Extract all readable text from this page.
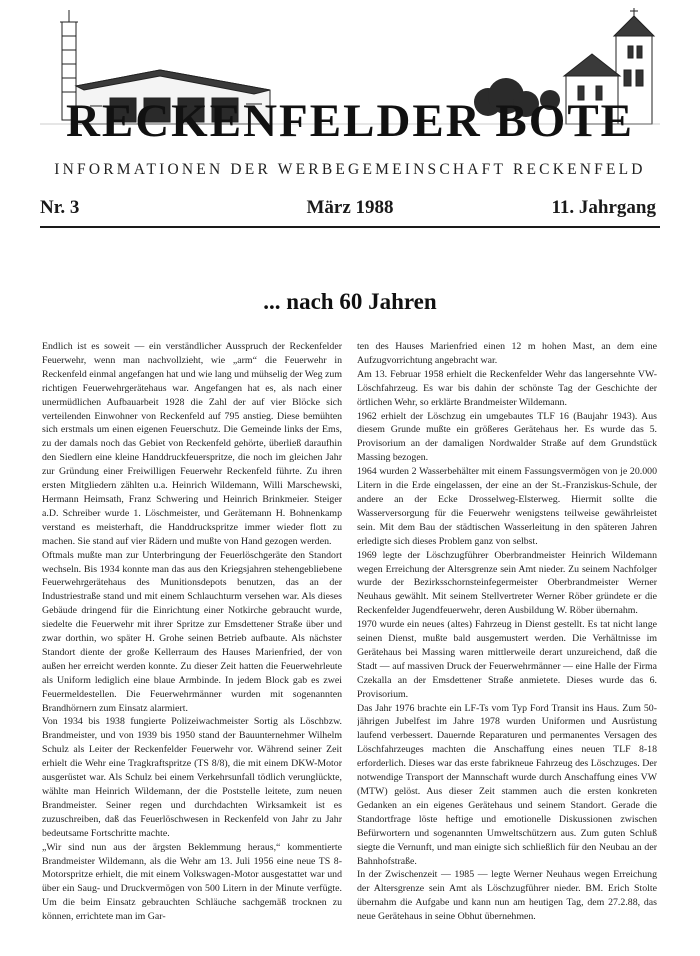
RECKENFELDER BOTE
INFORMATIONEN DER WERBEGEMEINSCHAFT RECKENFELD
März 1988
Nr. 3	11. Jahrgang
... nach 60 Jahren

Endlich ist es soweit — ein verständlicher Ausspruch der Reckenfelder Feuerwehr, wenn man nachvollzieht, wie „arm“ die Feuerwehr in Reckenfeld einmal angefangen hat und wie lang und mühselig der Weg zum richtigen Feuerwehrgerätehaus war. Angefangen hat es, als nach einer unermüdlichen Aufbauarbeit 1928 die Zahl der auf vier Blöcke sich verteilenden Einwohner von Reckenfeld auf 795 anstieg. Diese bemühten sich erstmals um einen eigenen Feuerschutz. Die Gemeinde links der Ems, zu der damals noch das Gebiet von Reckenfeld gehörte, überließ daraufhin den Siedlern eine kleine Handdruckfeuerspritze, die noch im gleichen Jahr zur Gründung einer Freiwilligen Feuerwehr Reckenfeld führte. Zu ihren ersten Mitgliedern zählten u.a. Heinrich Wildemann, Willi Marschewski, Hermann Heimsath, Franz Schwering und Heinrich Brinkmeier. Steiger a.D. Schreiber wurde 1. Löschmeister, und Gerätemann H. Bohnenkamp verstand es meisterhaft, die Handdruckspritze immer wieder flott zu machen. Sie stand auf vier Rädern und mußte von Hand gezogen werden.

Oftmals mußte man zur Unterbringung der Feuerlöschgeräte den Standort wechseln. Bis 1934 konnte man das aus den Kriegsjahren stehengebliebene Feuerwehrgerätehaus des Munitionsdepots benutzen, das an der Industriestraße stand und mit einem Schlauchturm versehen war. Als dieses Gebäude dringend für die Einrichtung einer Notkirche gebraucht wurde, siedelte die Feuerwehr mit ihrer Spritze zur Emsdettener Straße über und zwar dorthin, wo später H. Grohe seinen Betrieb aufbaute. Als nächster Standort diente der große Kellerraum des Hauses Marienfried, der von außen her erreicht werden konnte. Zu dieser Zeit hatten die Feuerwehrleute als Uniform lediglich eine blaue Armbinde. In jedem Block gab es zwei Feuermeldestellen. Die Feuerwehrmänner wurden mit sogenannten Brandhörnern zum Einsatz alarmiert.

Von 1934 bis 1938 fungierte Polizeiwachmeister Sortig als Löschbzw. Brandmeister, und von 1939 bis 1950 stand der Bauunternehmer Wilhelm Schulz als Leiter der Reckenfelder Feuerwehr vor. Während seiner Zeit erhielt die Wehr eine Tragkraftspritze (TS 8/8), die mit einem DKW-Motor ausgerüstet war. Als Schulz bei einem Verkehrsunfall tödlich verunglückte, wählte man Heinrich Wildemann, der die Poststelle leitete, zum neuen Brandmeister. Seiner regen und durchdachten Wirksamkeit ist es zuzuschreiben, daß das Feuerlöschwesen in Reckenfeld von Jahr zu Jahr bedeutsame Fortschritte machte.

„Wir sind nun aus der ärgsten Beklemmung heraus,“ kommentierte Brandmeister Wildemann, als die Wehr am 13. Juli 1956 eine neue TS 8-Motorspritze erhielt, die mit einem Volkswagen-Motor ausgestattet war und über ein Saug- und Druckvermögen von 500 Litern in der Minute verfügte. Um die beim Einsatz gebrauchten Schläuche sachgemäß trocknen zu können, errichtete man im Gar-

ten des Hauses Marienfried einen 12 m hohen Mast, an dem eine Aufzugvorrichtung angebracht war.

Am 13. Februar 1958 erhielt die Reckenfelder Wehr das langersehnte VW-Löschfahrzeug. Es war bis dahin der schönste Tag der Geschichte der örtlichen Wehr, so erklärte Brandmeister Wildemann.

1962 erhielt der Löschzug ein umgebautes TLF 16 (Baujahr 1943). Aus diesem Grunde mußte ein größeres Gerätehaus her. Es wurde das 5. Provisorium an der damaligen Nordwalder Straße auf dem Grundstück Massing bezogen.

1964 wurden 2 Wasserbehälter mit einem Fassungsvermögen von je 20.000 Litern in die Erde eingelassen, der eine an der St.-Franziskus-Schule, der andere an der Ecke Drosselweg-Elsterweg. Hiermit sollte die Wasserversorgung für die Feuerwehr wenigstens teilweise gewährleistet sein. Mit dem Bau der städtischen Wasserleitung in den späteren Jahren erledigte sich dieses Problem ganz von selbst.

1969 legte der Löschzugführer Oberbrandmeister Heinrich Wildemann wegen Erreichung der Altersgrenze sein Amt nieder. Zu seinem Nachfolger wurde der Bezirksschornsteinfegermeister Oberbrandmeister Werner Neuhaus gewählt. Mit seinem Stellvertreter Werner Röber gründete er die Reckenfelder Jugendfeuerwehr, deren Ausbildung W. Röber übernahm.

1970 wurde ein neues (altes) Fahrzeug in Dienst gestellt. Es tat nicht lange seinen Dienst, mußte bald ausgemustert werden. Die Verhältnisse im Gerätehaus bei Massing waren mittlerweile derart unzureichend, daß die Stadt — auf massiven Druck der Feuerwehrmänner — eine Halle der Firma Czekalla an der Emsdettener Straße anmietete. Dieses wurde das 6. Provisorium.

Das Jahr 1976 brachte ein LF-Ts vom Typ Ford Transit ins Haus. Zum 50-jährigen Jubelfest im Jahre 1978 wurden Uniformen und Ausrüstung laufend verbessert. Dauernde Reparaturen und permanentes Versagen des Löschfahrzeuges machten die Anschaffung eines neuen TLF 8-18 erforderlich. Dieses war das erste fabrikneue Fahrzeug des Löschzuges. Der notwendige Transport der Mannschaft wurde durch Anschaffung eines VW (MTW) gelöst. Aus dieser Zeit stammen auch die ersten konkreten Gedanken an ein eigenes Gerätehaus und seinem Standort. Gerade die Standortfrage löste heftige und emotionelle Diskussionen zwischen Befürwortern und sogenannten Umweltschützern aus. Zum guten Schluß siegte die Vernunft, und man einigte sich schließlich für den Neubau an der Bahnhofstraße.

In der Zwischenzeit — 1985 — legte Werner Neuhaus wegen Erreichung der Altersgrenze sein Amt als Löschzugführer nieder. BM. Erich Stolte übernahm die Aufgabe und kann nun am heutigen Tag, dem 27.2.88, das neue Gerätehaus in seine Obhut übernehmen.
